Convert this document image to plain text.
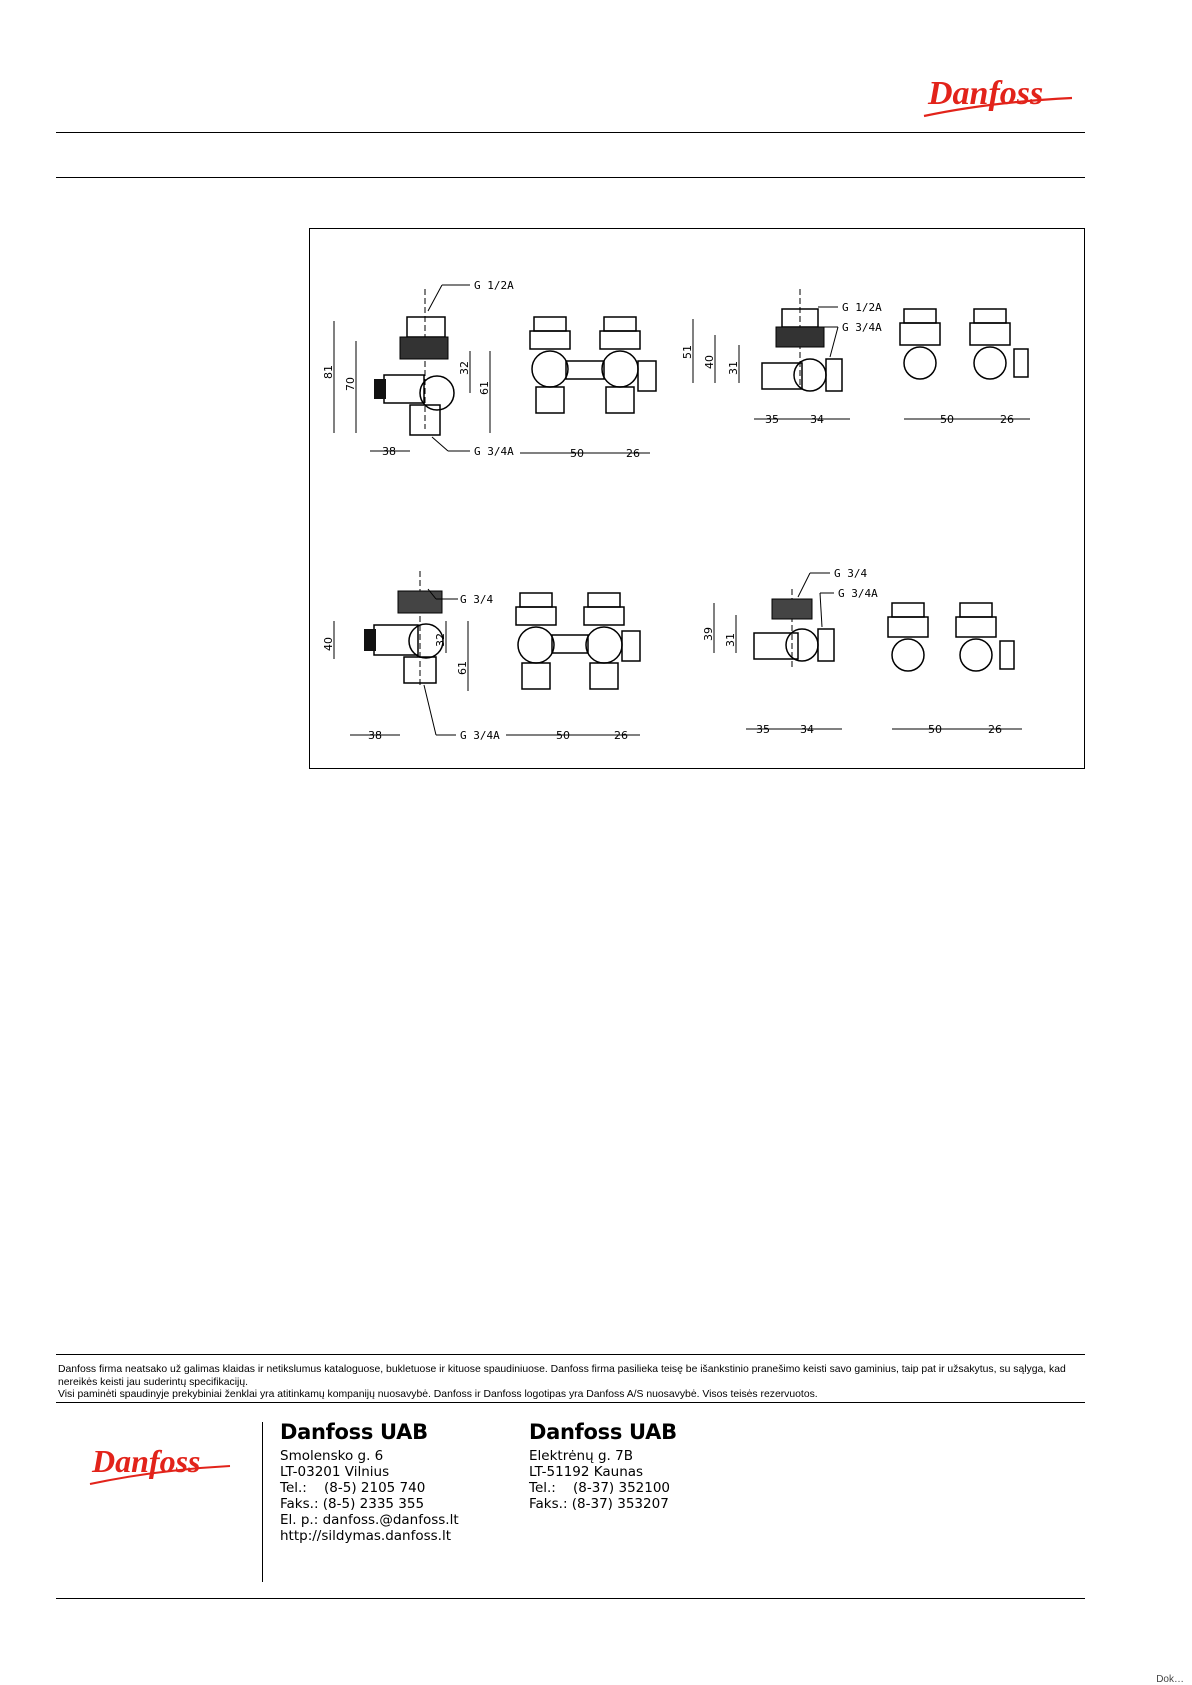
Danfoss
81
70
32
61
38
G 1/2A
G 3/4A	50	26
51
40 31
35	34
G 1/2A
G 3/4A
50	26
40	32
61
38
G 3/4
G 3/4A	50	26
39 31
35	34
G 3/4
G 3/4A
50	26

Danfoss firma neatsako už galimas klaidas ir netikslumus kataloguose, bukletuose ir kituose spaudiniuose. Danfoss firma pasilieka teisę be išankstinio pranešimo keisti savo gaminius, taip pat ir užsakytus, su sąlyga, kad nereikės keisti jau suderintų specifikacijų.

Visi paminėti spaudinyje prekybiniai ženklai yra atitinkamų kompanijų nuosavybė. Danfoss ir Danfoss logotipas yra Danfoss A/S nuosavybė. Visos teisės rezervuotos.

Danfoss
Danfoss UAB
Smolensko g. 6
LT-03201 Vilnius
Tel.:    (8-5) 2105 740
Faks.: (8-5) 2335 355
El. p.: danfoss.@danfoss.lt
http://sildymas.danfoss.lt
Danfoss UAB
Elektrėnų g. 7B
LT-51192 Kaunas
Tel.:    (8-37) 352100
Faks.: (8-37) 353207
Dok…
